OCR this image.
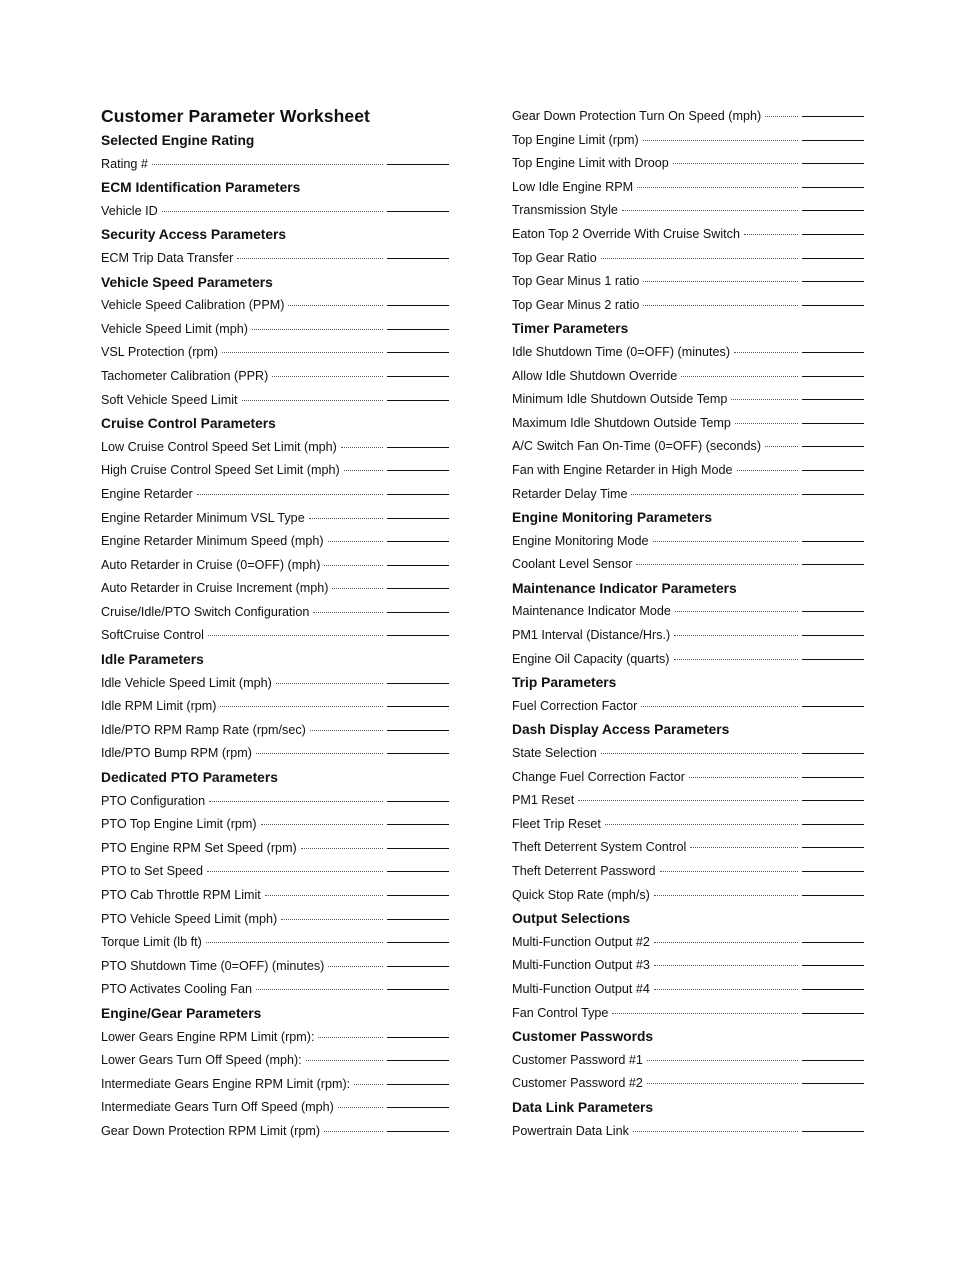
Customer Parameter Worksheet
Selected Engine Rating
Rating #
ECM Identification Parameters
Vehicle ID
Security Access Parameters
ECM Trip Data Transfer
Vehicle Speed Parameters
Vehicle Speed Calibration (PPM)
Vehicle Speed Limit (mph)
VSL Protection (rpm)
Tachometer Calibration (PPR)
Soft Vehicle Speed Limit
Cruise Control Parameters
Low Cruise Control Speed Set Limit (mph)
High Cruise Control Speed Set Limit (mph)
Engine Retarder
Engine Retarder Minimum VSL Type
Engine Retarder Minimum Speed (mph)
Auto Retarder in Cruise (0=OFF) (mph)
Auto Retarder in Cruise Increment (mph)
Cruise/Idle/PTO Switch Configuration
SoftCruise Control
Idle Parameters
Idle Vehicle Speed Limit (mph)
Idle RPM Limit (rpm)
Idle/PTO RPM Ramp Rate (rpm/sec)
Idle/PTO Bump RPM (rpm)
Dedicated PTO Parameters
PTO Configuration
PTO Top Engine Limit (rpm)
PTO Engine RPM Set Speed (rpm)
PTO to Set Speed
PTO Cab Throttle RPM Limit
PTO Vehicle Speed Limit (mph)
Torque Limit (lb ft)
PTO Shutdown Time (0=OFF) (minutes)
PTO Activates Cooling Fan
Engine/Gear Parameters
Lower Gears Engine RPM Limit (rpm):
Lower Gears Turn Off Speed (mph):
Intermediate Gears Engine RPM Limit (rpm):
Intermediate Gears Turn Off Speed (mph)
Gear Down Protection RPM Limit (rpm)
Gear Down Protection Turn On Speed (mph)
Top Engine Limit (rpm)
Top Engine Limit with Droop
Low Idle Engine RPM
Transmission Style
Eaton Top 2 Override With Cruise Switch
Top Gear Ratio
Top Gear Minus 1 ratio
Top Gear Minus 2 ratio
Timer Parameters
Idle Shutdown Time (0=OFF) (minutes)
Allow Idle Shutdown Override
Minimum Idle Shutdown Outside Temp
Maximum Idle Shutdown Outside Temp
A/C Switch Fan On-Time (0=OFF) (seconds)
Fan with Engine Retarder in High Mode
Retarder Delay Time
Engine Monitoring Parameters
Engine Monitoring Mode
Coolant Level Sensor
Maintenance Indicator Parameters
Maintenance Indicator Mode
PM1 Interval (Distance/Hrs.)
Engine Oil Capacity (quarts)
Trip Parameters
Fuel Correction Factor
Dash Display Access Parameters
State Selection
Change Fuel Correction Factor
PM1 Reset
Fleet Trip Reset
Theft Deterrent System Control
Theft Deterrent Password
Quick Stop Rate (mph/s)
Output Selections
Multi-Function Output #2
Multi-Function Output #3
Multi-Function Output #4
Fan Control Type
Customer Passwords
Customer Password #1
Customer Password #2
Data Link Parameters
Powertrain Data Link
